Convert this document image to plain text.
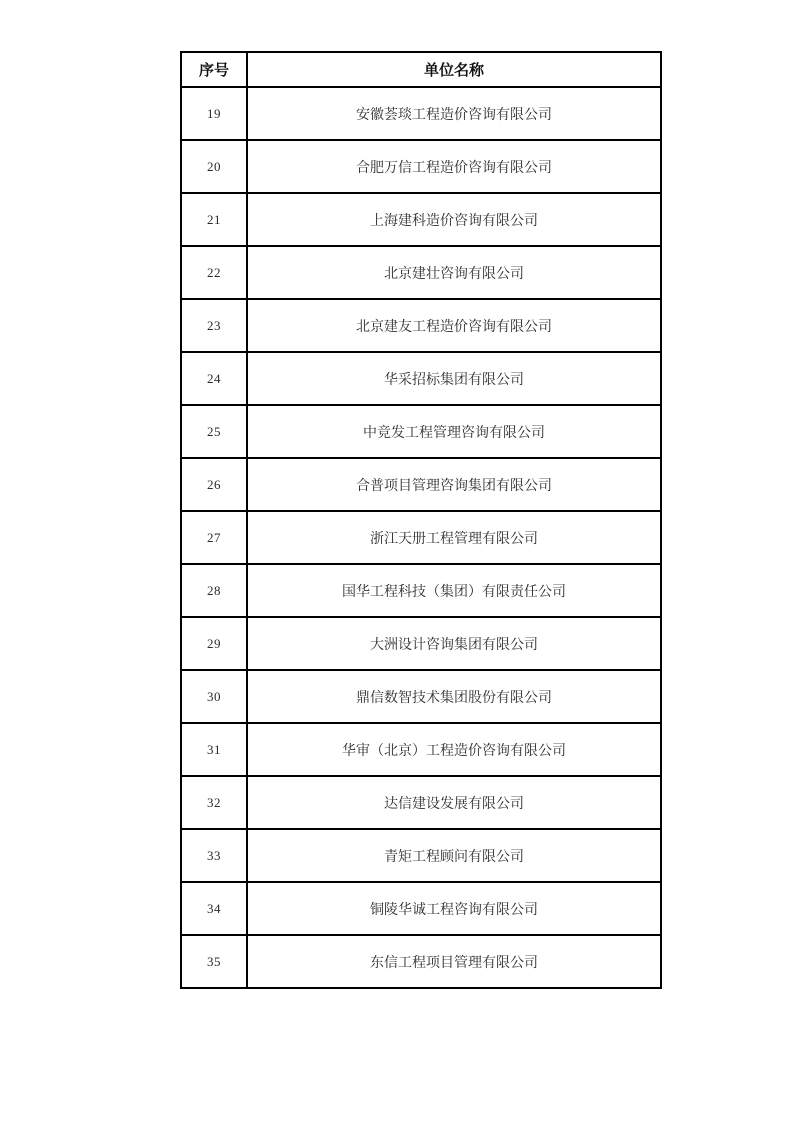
序号	单位名称
19	安徽荟琰工程造价咨询有限公司
20	合肥万信工程造价咨询有限公司
21	上海建科造价咨询有限公司
22	北京建壮咨询有限公司
23	北京建友工程造价咨询有限公司
24	华采招标集团有限公司
25	中竞发工程管理咨询有限公司
26	合普项目管理咨询集团有限公司
27	浙江天册工程管理有限公司
28	国华工程科技（集团）有限责任公司
29	大洲设计咨询集团有限公司
30	鼎信数智技术集团股份有限公司
31	华审（北京）工程造价咨询有限公司
32	达信建设发展有限公司
33	青矩工程顾问有限公司
34	铜陵华诚工程咨询有限公司
35	东信工程项目管理有限公司
